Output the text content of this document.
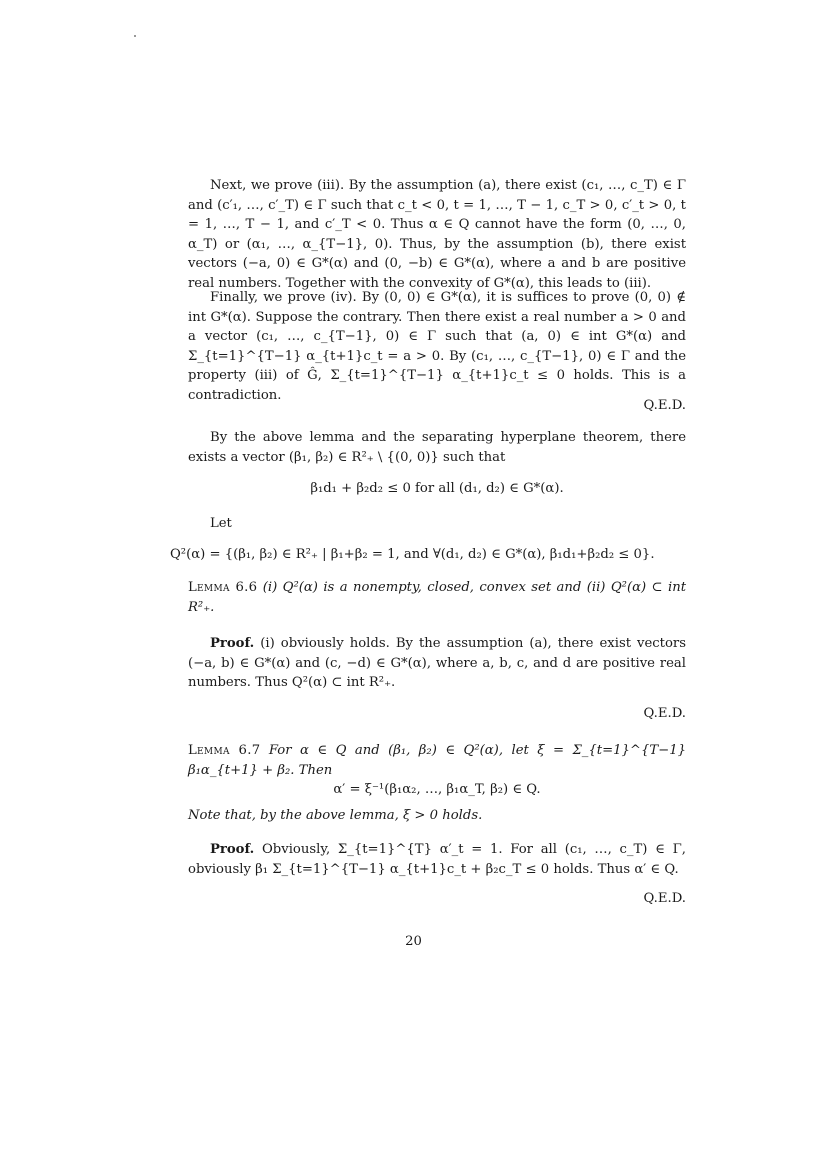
Next, we prove (iii). By the assumption (a), there exist (c₁, …, c_T) ∈ Γ and (c′₁, …, c′_T) ∈ Γ such that c_t < 0, t = 1, …, T − 1, c_T > 0, c′_t > 0, t = 1, …, T − 1, and c′_T < 0. Thus α ∈ Q cannot have the form (0, …, 0, α_T) or (α₁, …, α_{T−1}, 0). Thus, by the assumption (b), there exist vectors (−a, 0) ∈ G*(α) and (0, −b) ∈ G*(α), where a and b are positive real numbers. Together with the convexity of G*(α), this leads to (iii).
Finally, we prove (iv). By (0, 0) ∈ G*(α), it is suffices to prove (0, 0) ∉ int G*(α). Suppose the contrary. Then there exist a real number a > 0 and a vector (c₁, …, c_{T−1}, 0) ∈ Γ such that (a, 0) ∈ int G*(α) and Σ_{t=1}^{T−1} α_{t+1}c_t = a > 0. By (c₁, …, c_{T−1}, 0) ∈ Γ and the property (iii) of Ĝ, Σ_{t=1}^{T−1} α_{t+1}c_t ≤ 0 holds. This is a contradiction.
Q.E.D.
By the above lemma and the separating hyperplane theorem, there exists a vector (β₁, β₂) ∈ R²₊ \ {(0, 0)} such that
β₁d₁ + β₂d₂ ≤ 0 for all (d₁, d₂) ∈ G*(α).
Let
Q²(α) = {(β₁, β₂) ∈ R²₊ | β₁+β₂ = 1, and ∀(d₁, d₂) ∈ G*(α), β₁d₁+β₂d₂ ≤ 0}.
Lemma 6.6 (i) Q²(α) is a nonempty, closed, convex set and (ii) Q²(α) ⊂ int R²₊.
Proof. (i) obviously holds. By the assumption (a), there exist vectors (−a, b) ∈ G*(α) and (c, −d) ∈ G*(α), where a, b, c, and d are positive real numbers. Thus Q²(α) ⊂ int R²₊.
Q.E.D.
Lemma 6.7 For α ∈ Q and (β₁, β₂) ∈ Q²(α), let ξ = Σ_{t=1}^{T−1} β₁α_{t+1} + β₂. Then
α′ = ξ⁻¹(β₁α₂, …, β₁α_T, β₂) ∈ Q.
Note that, by the above lemma, ξ > 0 holds.
Proof. Obviously, Σ_{t=1}^{T} α′_t = 1. For all (c₁, …, c_T) ∈ Γ, obviously β₁ Σ_{t=1}^{T−1} α_{t+1}c_t + β₂c_T ≤ 0 holds. Thus α′ ∈ Q.
Q.E.D.
20
